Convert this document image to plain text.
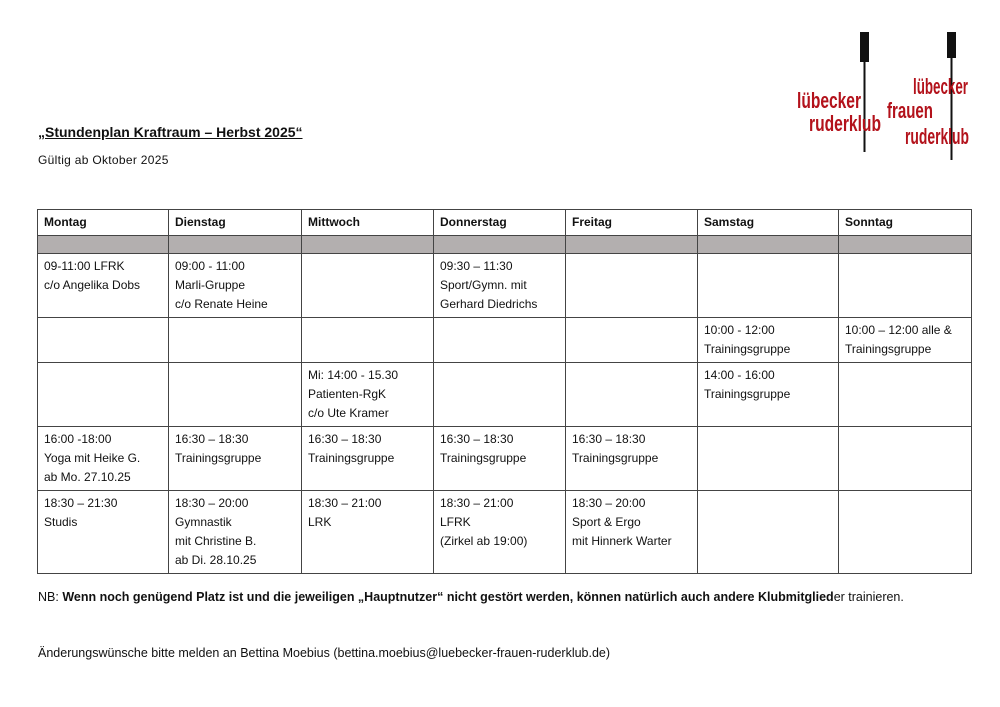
„Stundenplan Kraftraum – Herbst 2025“
Gültig ab Oktober 2025
lübecker
ruderklub
lübecker
frauen
ruderklub
Montag	Dienstag	Mittwoch	Donnerstag	Freitag	Samstag	Sonntag

09-11:00 LFRK
c/o Angelika Dobs	09:00 - 11:00
Marli-Gruppe
c/o Renate Heine		09:30 – 11:30
Sport/Gymn. mit
Gerhard Diedrichs			

					10:00 - 12:00
Trainingsgruppe	10:00 – 12:00 alle &
Trainingsgruppe

		Mi: 14:00 - 15.30
Patienten-RgK
c/o Ute Kramer			14:00 - 16:00
Trainingsgruppe	

16:00 -18:00
Yoga mit Heike G.
ab Mo. 27.10.25	16:30 – 18:30
Trainingsgruppe	16:30 – 18:30
Trainingsgruppe	16:30 – 18:30
Trainingsgruppe	16:30 – 18:30
Trainingsgruppe		

18:30 – 21:30
Studis	18:30 – 20:00
Gymnastik
mit Christine B.
ab Di. 28.10.25	18:30 – 21:00
LRK	18:30 – 21:00
LFRK
(Zirkel ab 19:00)	18:30 – 20:00
Sport & Ergo
mit Hinnerk Warter		

NB: Wenn noch genügend Platz ist und die jeweiligen „Hauptnutzer“ nicht gestört werden, können natürlich auch andere Klubmitglieder trainieren.
Änderungswünsche bitte melden an Bettina Moebius (bettina.moebius@luebecker-frauen-ruderklub.de)
